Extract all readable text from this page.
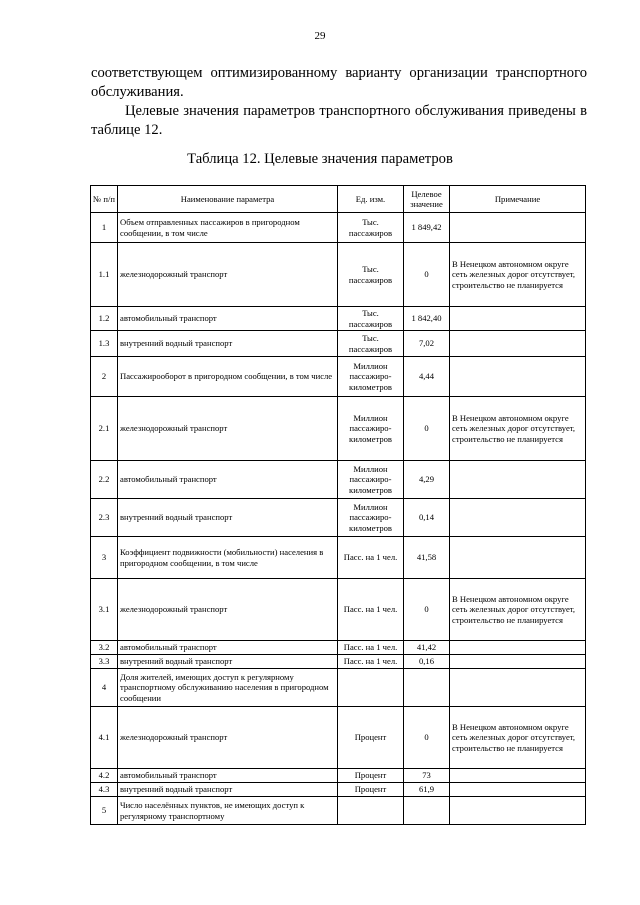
29

соответствующем оптимизированному варианту организации транспортного обслуживания.

Целевые значения параметров транспортного обслуживания приведены в таблице 12.

Таблица 12. Целевые значения параметров
№ п/п	Наименование параметра	Ед. изм.	Целевое значение	Примечание
1	Объем отправленных пассажиров в пригородном сообщении, в том числе	Тыс. пассажиров	1 849,42	
1.1	железнодорожный транспорт	Тыс. пассажиров	0	В Ненецком автономном округе сеть железных дорог отсутствует, строительство не планируется
1.2	автомобильный транспорт	Тыс. пассажиров	1 842,40	
1.3	внутренний водный транспорт	Тыс. пассажиров	7,02	
2	Пассажирооборот в пригородном сообщении, в том числе	Миллион пассажиро-километров	4,44	
2.1	железнодорожный транспорт	Миллион пассажиро-километров	0	В Ненецком автономном округе сеть железных дорог отсутствует, строительство не планируется
2.2	автомобильный транспорт	Миллион пассажиро-километров	4,29	
2.3	внутренний водный транспорт	Миллион пассажиро-километров	0,14	
3	Коэффициент подвижности (мобильности) населения в пригородном сообщении, в том числе	Пасс. на 1 чел.	41,58	
3.1	железнодорожный транспорт	Пасс. на 1 чел.	0	В Ненецком автономном округе сеть железных дорог отсутствует, строительство не планируется
3.2	автомобильный транспорт	Пасс. на 1 чел.	41,42	
3.3	внутренний водный транспорт	Пасс. на 1 чел.	0,16	
4	Доля жителей, имеющих доступ к регулярному транспортному обслуживанию населения в пригородном сообщении			
4.1	железнодорожный транспорт	Процент	0	В Ненецком автономном округе сеть железных дорог отсутствует, строительство не планируется
4.2	автомобильный транспорт	Процент	73	
4.3	внутренний водный транспорт	Процент	61,9	
5	Число населённых пунктов, не имеющих доступ к регулярному транспортному			
